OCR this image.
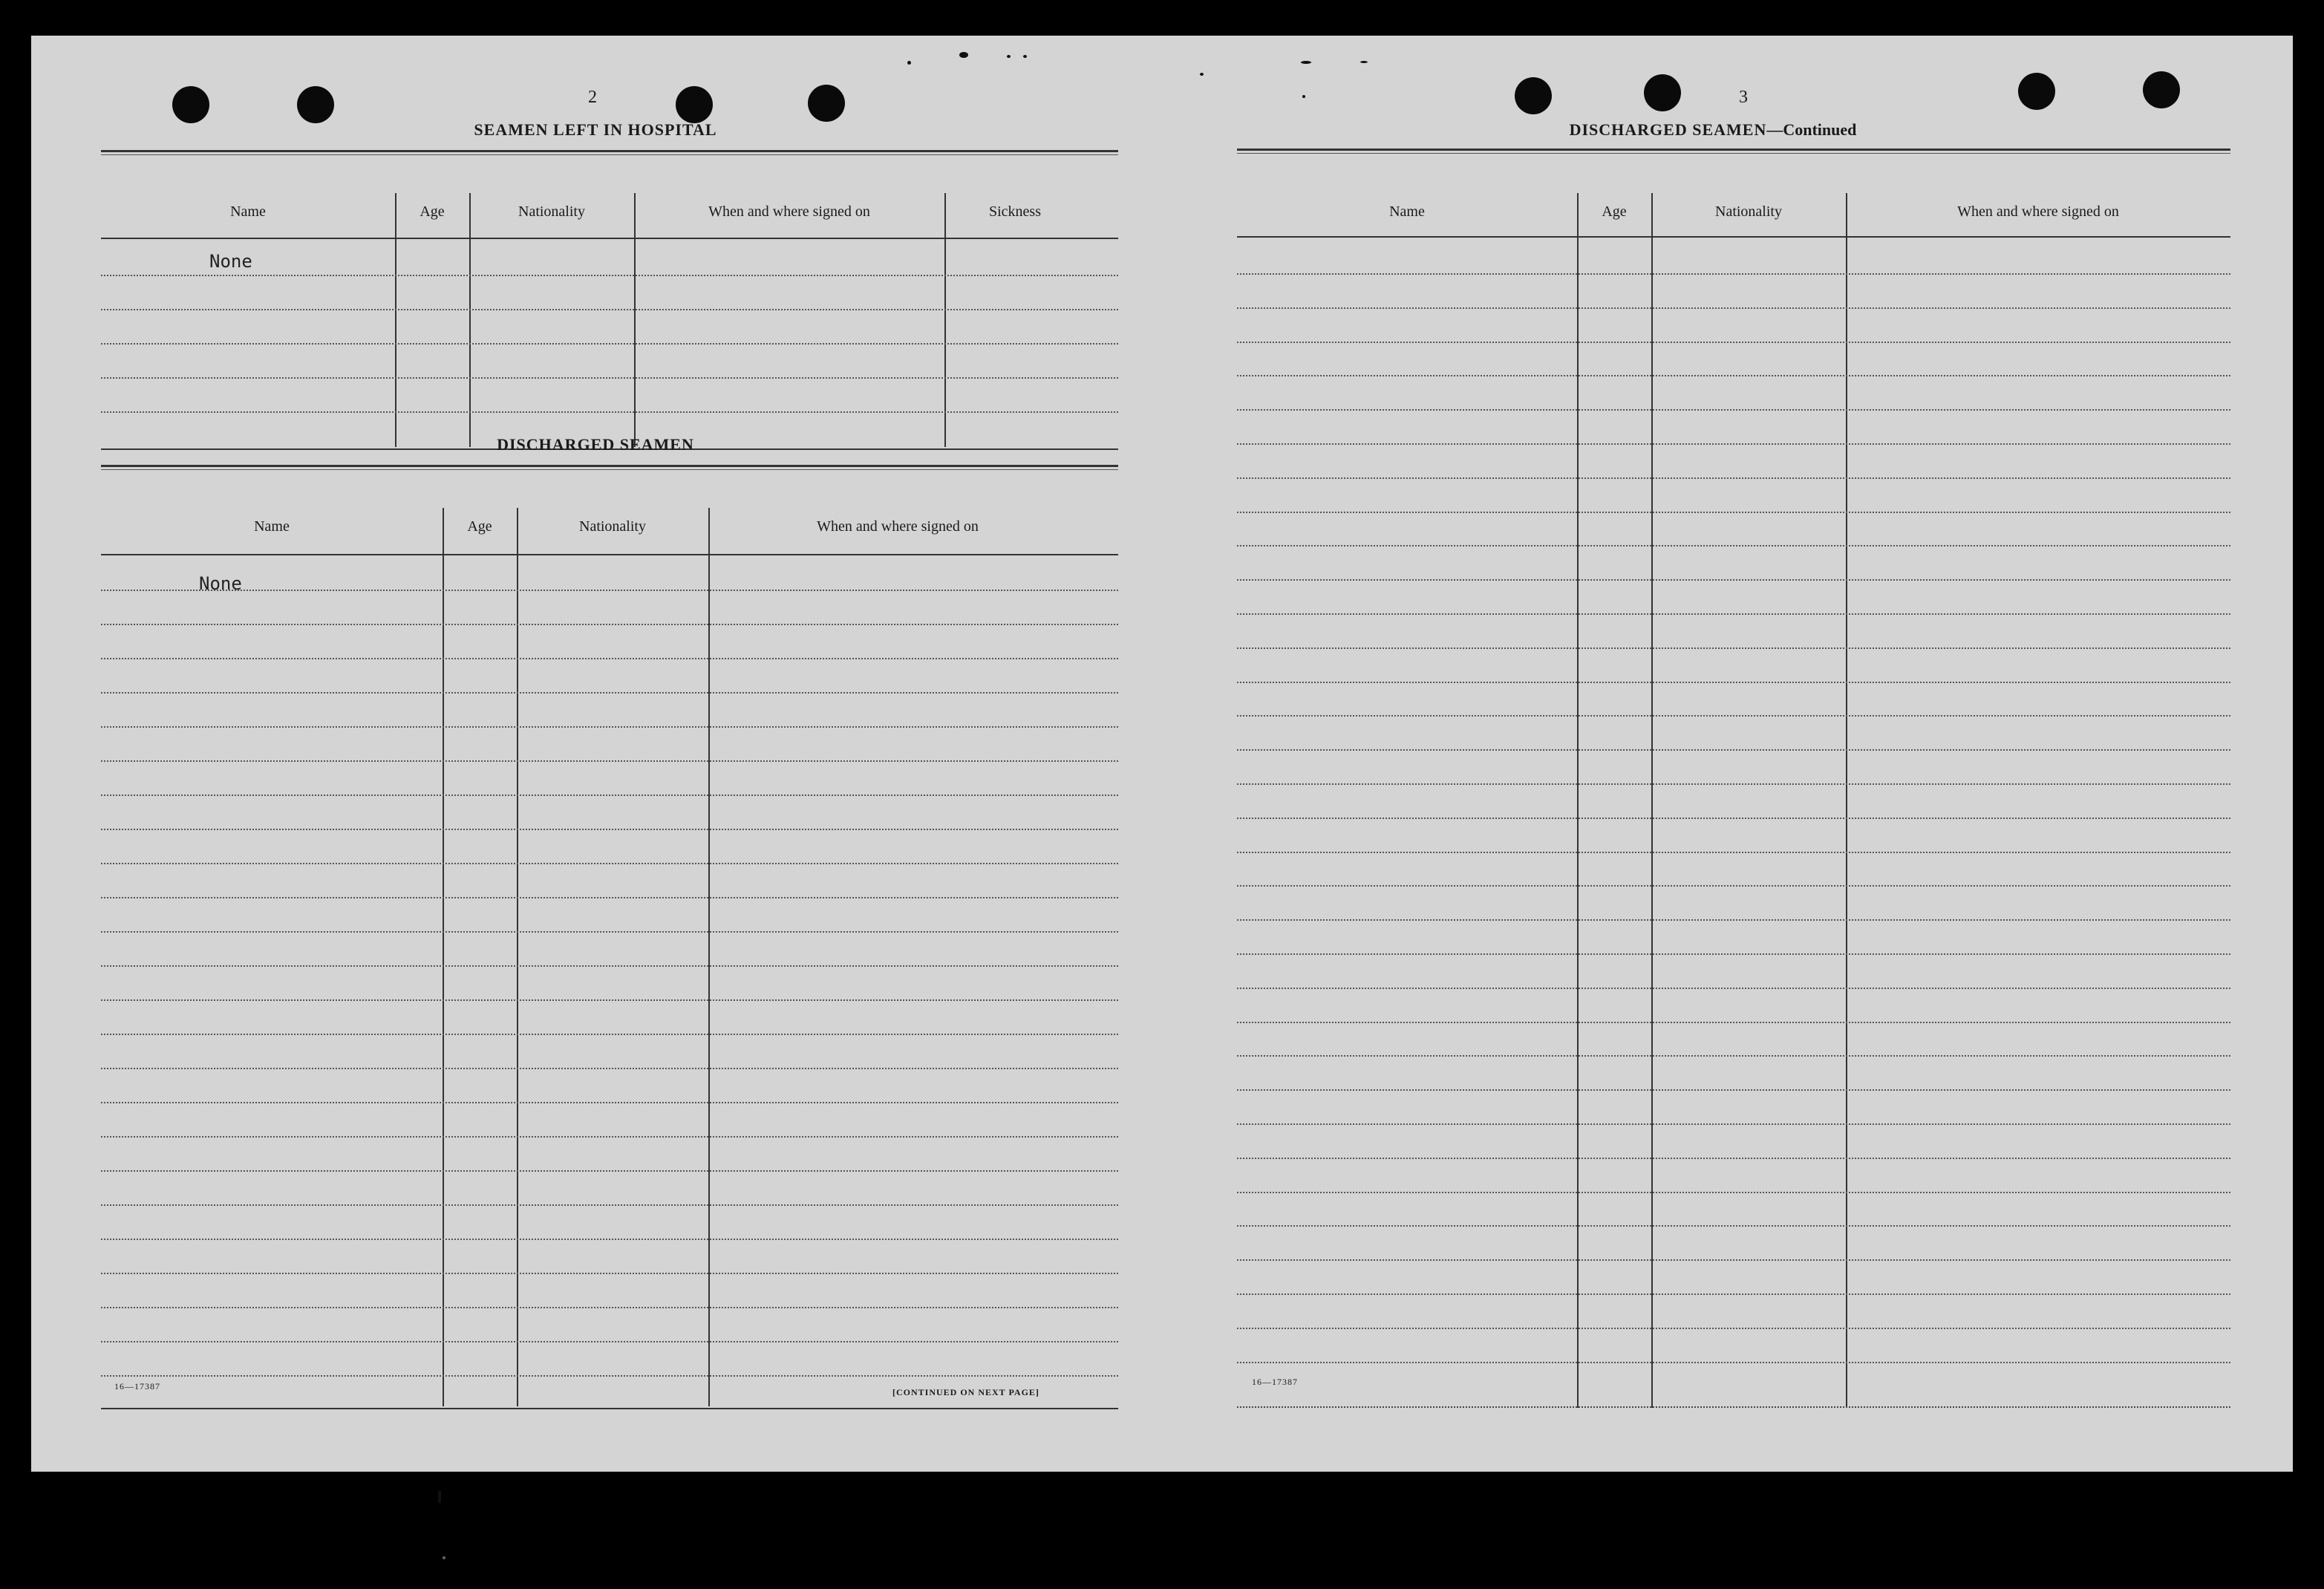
2
SEAMEN LEFT IN HOSPITAL
Name	Age	Nationality	When and where signed on	Sickness
None
DISCHARGED SEAMEN
Name	Age	Nationality	When and where signed on
None
16—17387
[CONTINUED ON NEXT PAGE]
3
DISCHARGED SEAMEN—Continued
Name	Age	Nationality	When and where signed on
16—17387
